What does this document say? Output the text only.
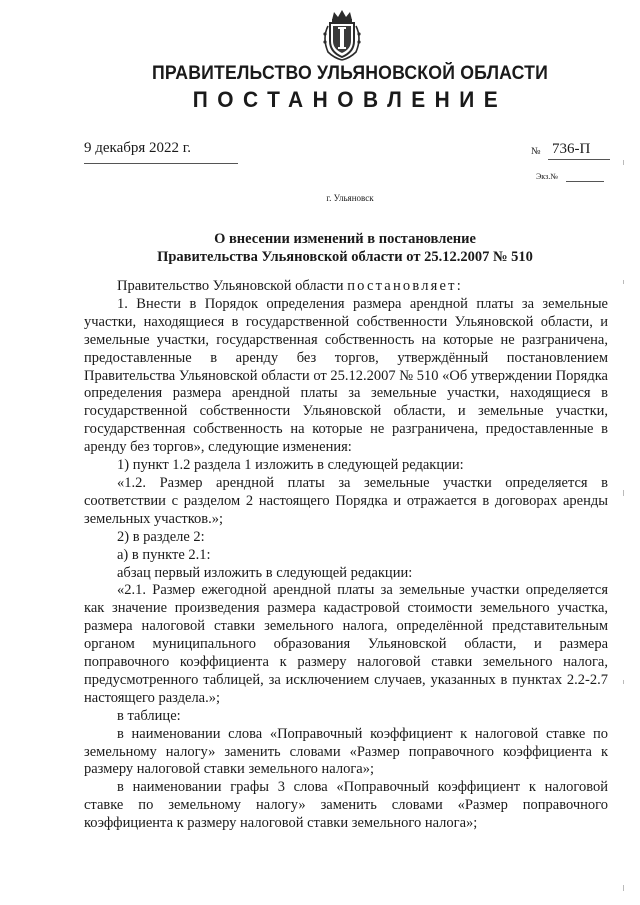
ПРАВИТЕЛЬСТВО УЛЬЯНОВСКОЙ ОБЛАСТИ
ПОСТАНОВЛЕНИЕ
9 декабря 2022 г.	№ 736-П
Экз.№
г. Ульяновск
О внесении изменений в постановление
Правительства Ульяновской области от 25.12.2007 № 510

Правительство Ульяновской области постановляет:

1. Внести в Порядок определения размера арендной платы за земельные участки, находящиеся в государственной собственности Ульяновской области, и земельные участки, государственная собственность на которые не разграничена, предоставленные в аренду без торгов, утверждённый постановлением Правительства Ульяновской области от 25.12.2007 № 510 «Об утверждении Порядка определения размера арендной платы за земельные участки, находящиеся в государственной собственности Ульяновской области, и земельные участки, государственная собственность на которые не разграничена, предоставленные в аренду без торгов», следующие изменения:

1) пункт 1.2 раздела 1 изложить в следующей редакции:

«1.2. Размер арендной платы за земельные участки определяется в соответствии с разделом 2 настоящего Порядка и отражается в договорах аренды земельных участков.»;

2) в разделе 2:

а) в пункте 2.1:

абзац первый изложить в следующей редакции:

«2.1. Размер ежегодной арендной платы за земельные участки определяется как значение произведения размера кадастровой стоимости земельного участка, размера налоговой ставки земельного налога, определённой представительным органом муниципального образования Ульяновской области, и размера поправочного коэффициента к размеру налоговой ставки земельного налога, предусмотренного таблицей, за исключением случаев, указанных в пунктах 2.2-2.7 настоящего раздела.»;

в таблице:

в наименовании слова «Поправочный коэффициент к налоговой ставке по земельному налогу» заменить словами «Размер поправочного коэффициента к размеру налоговой ставки земельного налога»;

в наименовании графы 3 слова «Поправочный коэффициент к налоговой ставке по земельному налогу» заменить словами «Размер поправочного коэффициента к размеру налоговой ставки земельного налога»;
